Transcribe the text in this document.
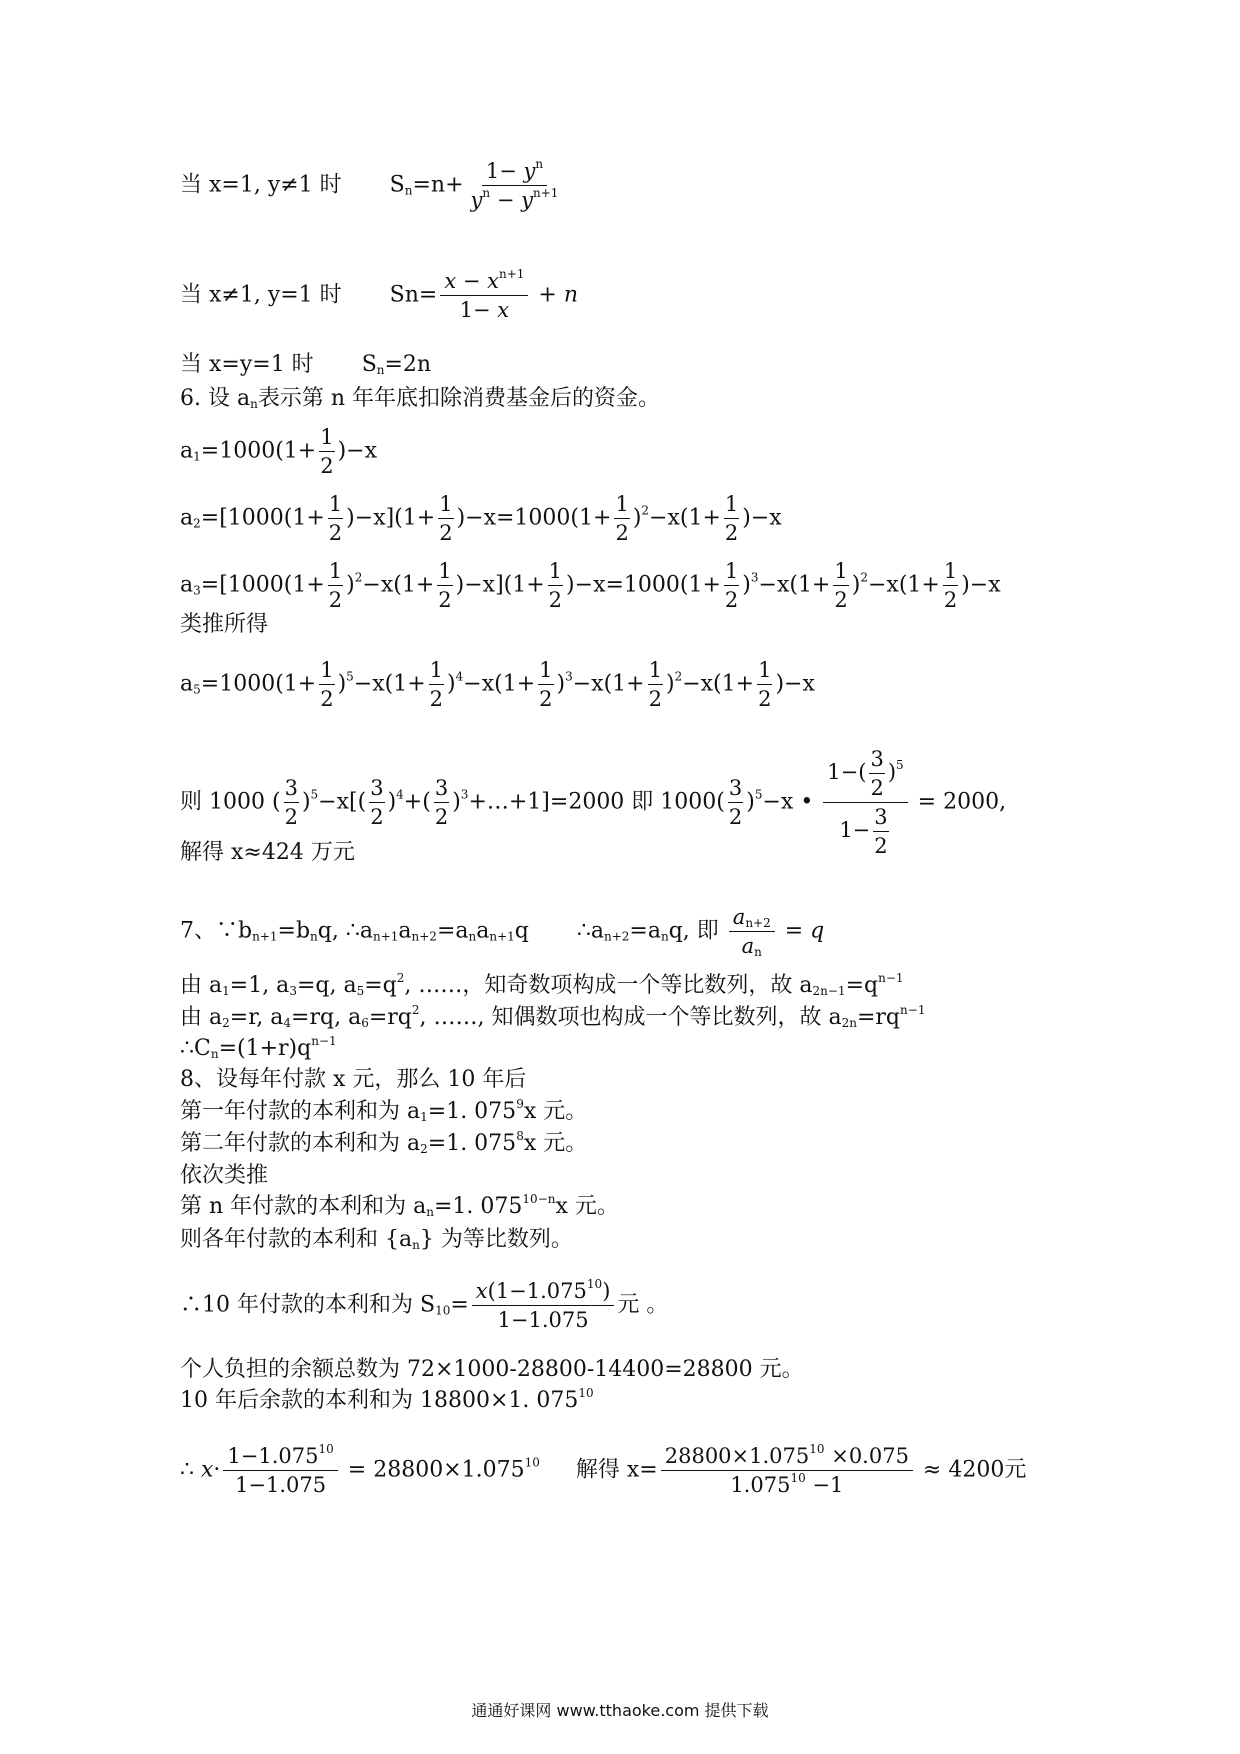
当 x=1, y≠1 时 $S_n=n+ \frac{1- y^n}{y^n - y^{n+1}}$
当 x≠1, y=1 时 $Sn= \frac{x - x^{n+1}}{1- x} + n$
当 x=y=1 时 $S_n=2n$
6. 设 $a_n$表示第 n 年年底扣除消费基金后的资金。
$a_1=1000(1+ \frac{1}{2} )-x$
$a_2=[1000(1+ \frac{1}{2} )-x](1+ \frac{1}{2} )-x=1000(1+ \frac{1}{2} )^2-x(1+ \frac{1}{2} )-x$
$a_3=[1000(1+ \frac{1}{2} )^2-x(1+ \frac{1}{2} )-x](1+ \frac{1}{2} )-x=1000(1+ \frac{1}{2} )^3-x(1+ \frac{1}{2} )^2-x(1+ \frac{1}{2} )-x$
类推所得
$a_5=1000(1+ \frac{1}{2} )^5-x(1+ \frac{1}{2} )^4-x(1+ \frac{1}{2} )^3-x(1+ \frac{1}{2} )^2-x(1+ \frac{1}{2} )-x$
则 1000 ( $\frac{3}{2} )^5-x[( \frac{3}{2} )^4+( \frac{3}{2}$ )$^3+\dots+1]=2000$ 即 $1000( \frac{3}{2} )^5-x$ • $\frac{1-( \frac{3}{2} )^5}{1- \frac{3}{2}} = 2000$,
解得 x≈424 万元
7、$\because b_{n+1}=b_nq$, $\therefore a_{n+1}a_{n+2}=a_na_{n+1}q$ $\therefore a_{n+2}=a_nq$, 即 $\frac{a_{n+2}}{a_n} = q$
由 $a_1=1$, $a_3=q$, $a_5=q^2$, ……，知奇数项构成一个等比数列，故 $a_{2n-1}=q^{n-1}$
由 $a_2=r$, $a_4=rq$, $a_6=rq^2$, ……, 知偶数项也构成一个等比数列，故 $a_{2n}=rq^{n-1}$
$\therefore C_n=(1+r)q^{n-1}$
8、设每年付款 x 元，那么 10 年后
第一年付款的本利和为 $a_1=1$. $075^9x$ 元。
第二年付款的本利和为 $a_2=1$. $075^8x$ 元。
依次类推
第 n 年付款的本利和为 $a_n=1$. $075^{10-n}x$ 元。
则各年付款的本利和 $\{a_n\}$ 为等比数列。
∴10 年付款的本利和为 $S_{10}= \frac{x(1-1.075^{10})}{1-1.075}$ 元 。
个人负担的余额总数为 72×1000-28800-14400=28800 元。
10 年后余款的本利和为 18800×1. $075^{10}$
∴ $x\cdot \frac{1-1.075^{10}}{1-1.075} = 28800\times 1.075^{10}$ 解得 $x= \frac{28800\times 1.075^{10} \times 0.075}{1.075^{10} -1} \approx 4200$元
通通好课网 www.tthaoke.com 提供下载
